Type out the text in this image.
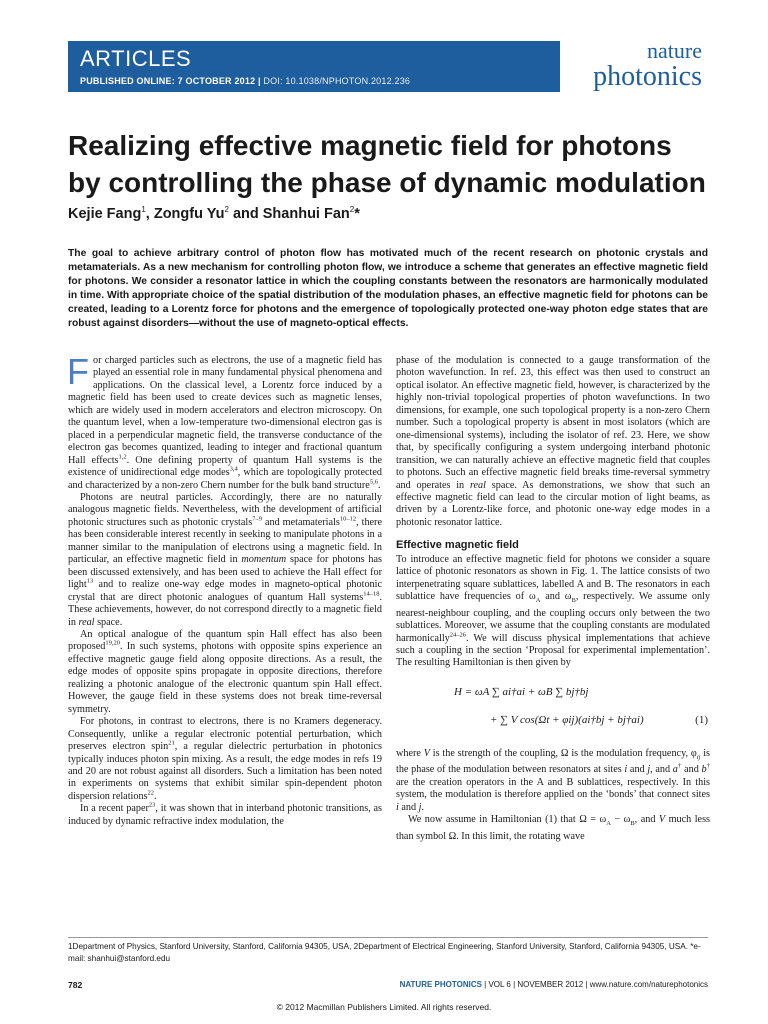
ARTICLES
PUBLISHED ONLINE: 7 OCTOBER 2012 | DOI: 10.1038/NPHOTON.2012.236
nature
photonics
Realizing effective magnetic field for photons by controlling the phase of dynamic modulation
Kejie Fang$^1$, Zongfu Yu$^2$ and Shanhui Fan$^2$*

The goal to achieve arbitrary control of photon flow has motivated much of the recent research on photonic crystals and metamaterials. As a new mechanism for controlling photon flow, we introduce a scheme that generates an effective magnetic field for photons. We consider a resonator lattice in which the coupling constants between the resonators are harmonically modulated in time. With appropriate choice of the spatial distribution of the modulation phases, an effective magnetic field for photons can be created, leading to a Lorentz force for photons and the emergence of topologically protected one-way photon edge states that are robust against disorders—without the use of magneto-optical effects.

For charged particles such as electrons, the use of a magnetic field has played an essential role in many fundamental physical phenomena and applications. On the classical level, a Lorentz force induced by a magnetic field has been used to create devices such as magnetic lenses, which are widely used in modern accelerators and electron microscopy. On the quantum level, when a low-temperature two-dimensional electron gas is placed in a perpendicular magnetic field, the transverse conductance of the electron gas becomes quantized, leading to integer and fractional quantum Hall effects$^{1,2}$. One defining property of quantum Hall systems is the existence of unidirectional edge modes$^{3,4}$, which are topologically protected and characterized by a non-zero Chern number for the bulk band structure$^{5,6}$.

Photons are neutral particles. Accordingly, there are no naturally analogous magnetic fields. Nevertheless, with the development of artificial photonic structures such as photonic crystals$^{7-9}$ and metamaterials$^{10-12}$, there has been considerable interest recently in seeking to manipulate photons in a manner similar to the manipulation of electrons using a magnetic field. In particular, an effective magnetic field in momentum space for photons has been discussed extensively, and has been used to achieve the Hall effect for light$^{13}$ and to realize one-way edge modes in magneto-optical photonic crystal that are direct photonic analogues of quantum Hall systems$^{14-18}$. These achievements, however, do not correspond directly to a magnetic field in real space.

An optical analogue of the quantum spin Hall effect has also been proposed$^{19,20}$. In such systems, photons with opposite spins experience an effective magnetic gauge field along opposite directions. As a result, the edge modes of opposite spins propagate in opposite directions, therefore realizing a photonic analogue of the electronic quantum spin Hall effect. However, the gauge field in these systems does not break time-reversal symmetry.

For photons, in contrast to electrons, there is no Kramers degeneracy. Consequently, unlike a regular electronic potential perturbation, which preserves electron spin$^{21}$, a regular dielectric perturbation in photonics typically induces photon spin mixing. As a result, the edge modes in refs 19 and 20 are not robust against all disorders. Such a limitation has been noted in experiments on systems that exhibit similar spin-dependent photon dispersion relations$^{22}$.

In a recent paper$^{23}$, it was shown that in interband photonic transitions, as induced by dynamic refractive index modulation, the

phase of the modulation is connected to a gauge transformation of the photon wavefunction. In ref. 23, this effect was then used to construct an optical isolator. An effective magnetic field, however, is characterized by the highly non-trivial topological properties of photon wavefunctions. In two dimensions, for example, one such topological property is a non-zero Chern number. Such a topological property is absent in most isolators (which are one-dimensional systems), including the isolator of ref. 23. Here, we show that, by specifically configuring a system undergoing interband photonic transition, we can naturally achieve an effective magnetic field that couples to photons. Such an effective magnetic field breaks time-reversal symmetry and operates in real space. As demonstrations, we show that such an effective magnetic field can lead to the circular motion of light beams, as driven by a Lorentz-like force, and photonic one-way edge modes in a photonic resonator lattice.

Effective magnetic field

To introduce an effective magnetic field for photons we consider a square lattice of photonic resonators as shown in Fig. 1. The lattice consists of two interpenetrating square sublattices, labelled A and B. The resonators in each sublattice have frequencies of $\omega_A$ and $\omega_B$, respectively. We assume only nearest-neighbour coupling, and the coupling occurs only between the two sublattices. Moreover, we assume that the coupling constants are modulated harmonically$^{24-26}$. We will discuss physical implementations that achieve such a coupling in the section ‘Proposal for experimental implementation’. The resulting Hamiltonian is then given by

H = ωA ∑ ai†ai + ωB ∑ bj†bj
+ ∑ V cos(Ωt + φij)(ai†bj + bj†ai)	(1)

where V is the strength of the coupling, Ω is the modulation frequency, $\varphi_{ij}$ is the phase of the modulation between resonators at sites i and j, and a† and b† are the creation operators in the A and B sublattices, respectively. In this system, the modulation is therefore applied on the ‘bonds’ that connect sites i and j.

We now assume in Hamiltonian (1) that $\Omega = \omega_A - \omega_B$, and V much less than symbol Ω. In this limit, the rotating wave

1Department of Physics, Stanford University, Stanford, California 94305, USA, 2Department of Electrical Engineering, Stanford University, Stanford, California 94305, USA. *e-mail: shanhui@stanford.edu
782	NATURE PHOTONICS | VOL 6 | NOVEMBER 2012 | www.nature.com/naturephotonics
© 2012 Macmillan Publishers Limited. All rights reserved.
